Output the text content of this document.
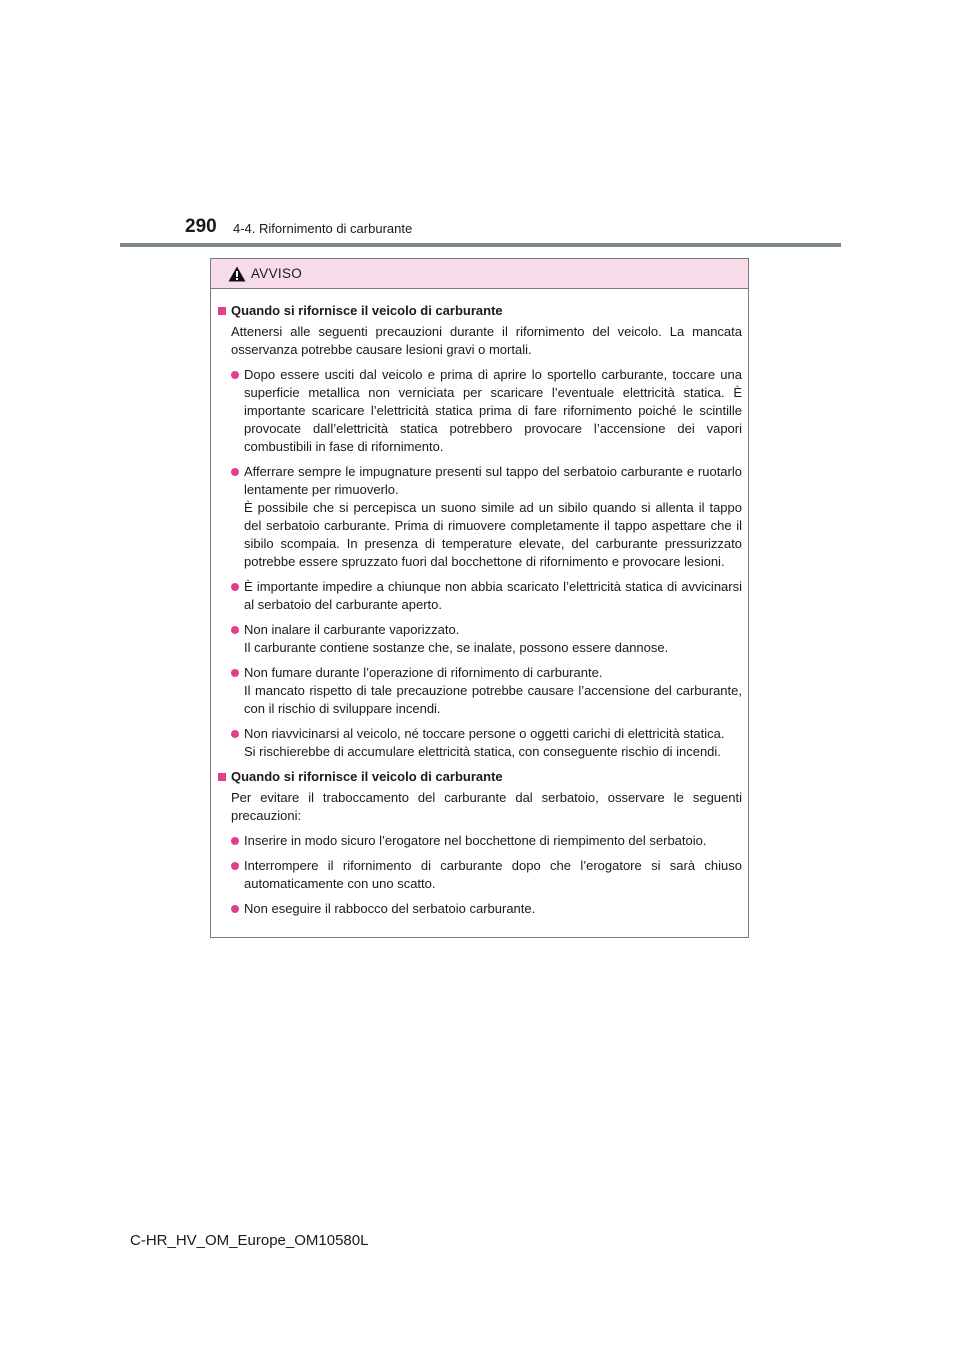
290 4-4. Rifornimento di carburante
AVVISO
Quando si rifornisce il veicolo di carburante
Attenersi alle seguenti precauzioni durante il rifornimento del veicolo. La mancata osservanza potrebbe causare lesioni gravi o mortali.

Dopo essere usciti dal veicolo e prima di aprire lo sportello carburante, toccare una superficie metallica non verniciata per scaricare l’eventuale elettricità statica. È importante scaricare l’elettricità statica prima di fare rifornimento poiché le scintille provocate dall’elettricità statica potrebbero provocare l’accensione dei vapori combustibili in fase di rifornimento.

Afferrare sempre le impugnature presenti sul tappo del serbatoio carburante e ruotarlo lentamente per rimuoverlo.

È possibile che si percepisca un suono simile ad un sibilo quando si allenta il tappo del serbatoio carburante. Prima di rimuovere completamente il tappo aspettare che il sibilo scompaia. In presenza di temperature elevate, del carburante pressurizzato potrebbe essere spruzzato fuori dal bocchettone di rifornimento e provocare lesioni.

È importante impedire a chiunque non abbia scaricato l’elettricità statica di avvicinarsi al serbatoio del carburante aperto.

Non inalare il carburante vaporizzato.

Il carburante contiene sostanze che, se inalate, possono essere dannose.

Non fumare durante l’operazione di rifornimento di carburante.

Il mancato rispetto di tale precauzione potrebbe causare l’accensione del carburante, con il rischio di sviluppare incendi.

Non riavvicinarsi al veicolo, né toccare persone o oggetti carichi di elettricità statica.

Si rischierebbe di accumulare elettricità statica, con conseguente rischio di incendi.

Quando si rifornisce il veicolo di carburante
Per evitare il traboccamento del carburante dal serbatoio, osservare le seguenti precauzioni:

Inserire in modo sicuro l’erogatore nel bocchettone di riempimento del serbatoio.

Interrompere il rifornimento di carburante dopo che l’erogatore si sarà chiuso automaticamente con uno scatto.

Non eseguire il rabbocco del serbatoio carburante.

C-HR_HV_OM_Europe_OM10580L
